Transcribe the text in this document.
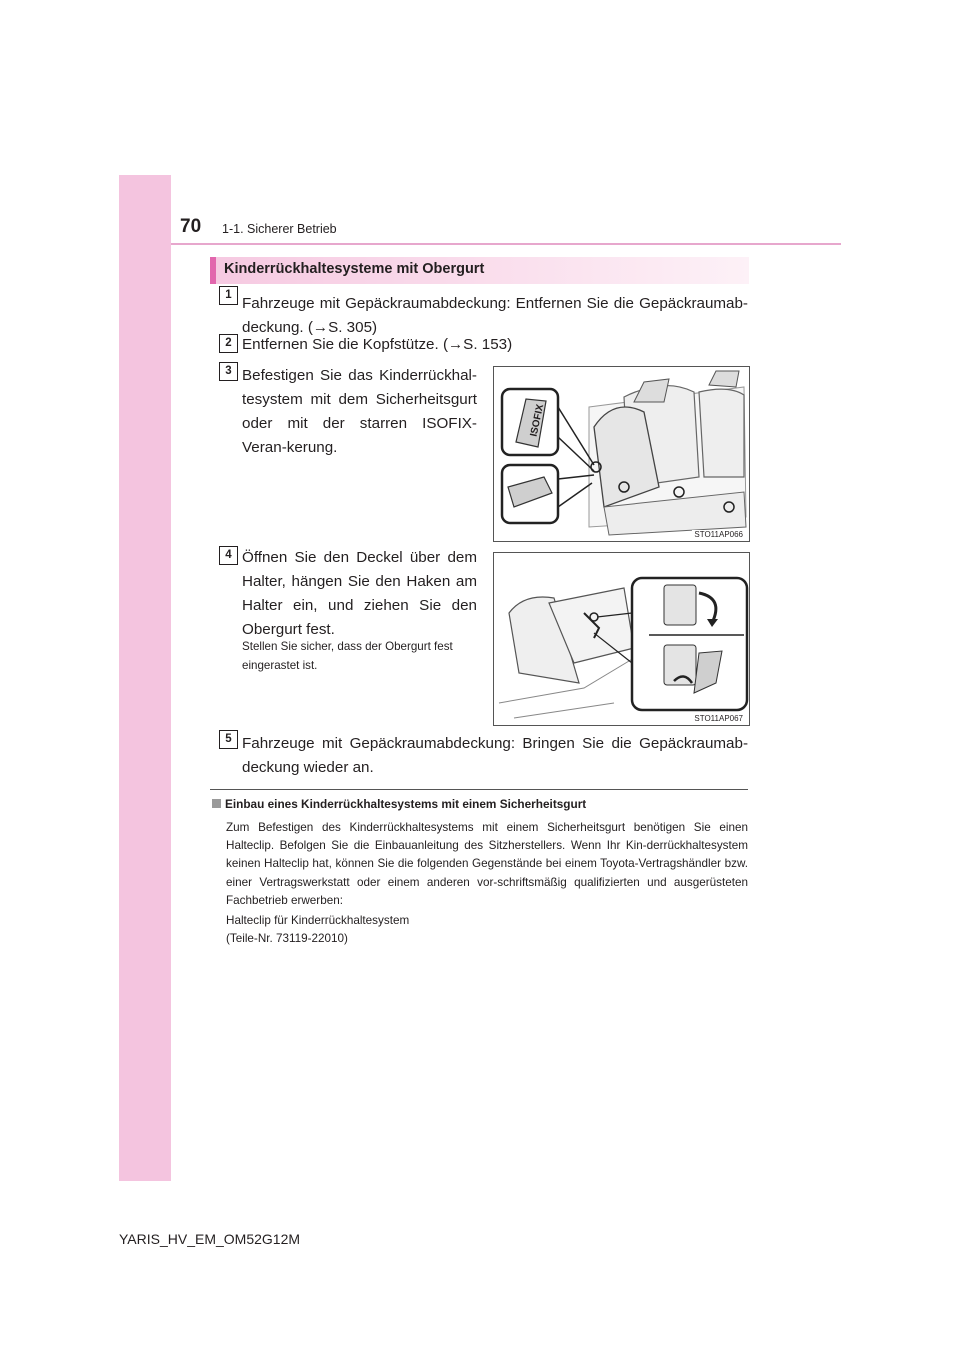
70 1-1. Sicherer Betrieb
Kinderrückhaltesysteme mit Obergurt
1 Fahrzeuge mit Gepäckraumabdeckung: Entfernen Sie die Gepäckraumab-deckung. (→S. 305)
2 Entfernen Sie die Kopfstütze. (→S. 153)
3 Befestigen Sie das Kinderrückhal-tesystem mit dem Sicherheitsgurt oder mit der starren ISOFIX-Veran-kerung.
ISOFIX
STO11AP066
4 Öffnen Sie den Deckel über dem Halter, hängen Sie den Haken am Halter ein, und ziehen Sie den Obergurt fest.
Stellen Sie sicher, dass der Obergurt fest eingerastet ist.
STO11AP067
5 Fahrzeuge mit Gepäckraumabdeckung: Bringen Sie die Gepäckraumab-deckung wieder an.
Einbau eines Kinderrückhaltesystems mit einem Sicherheitsgurt
Zum Befestigen des Kinderrückhaltesystems mit einem Sicherheitsgurt benötigen Sie einen Halteclip. Befolgen Sie die Einbauanleitung des Sitzherstellers. Wenn Ihr Kin-derrückhaltesystem keinen Halteclip hat, können Sie die folgenden Gegenstände bei einem Toyota-Vertragshändler bzw. einer Vertragswerkstatt oder einem anderen vor-schriftsmäßig qualifizierten und ausgerüsteten Fachbetrieb erwerben:
Halteclip für Kinderrückhaltesystem
(Teile-Nr. 73119-22010)
YARIS_HV_EM_OM52G12M
